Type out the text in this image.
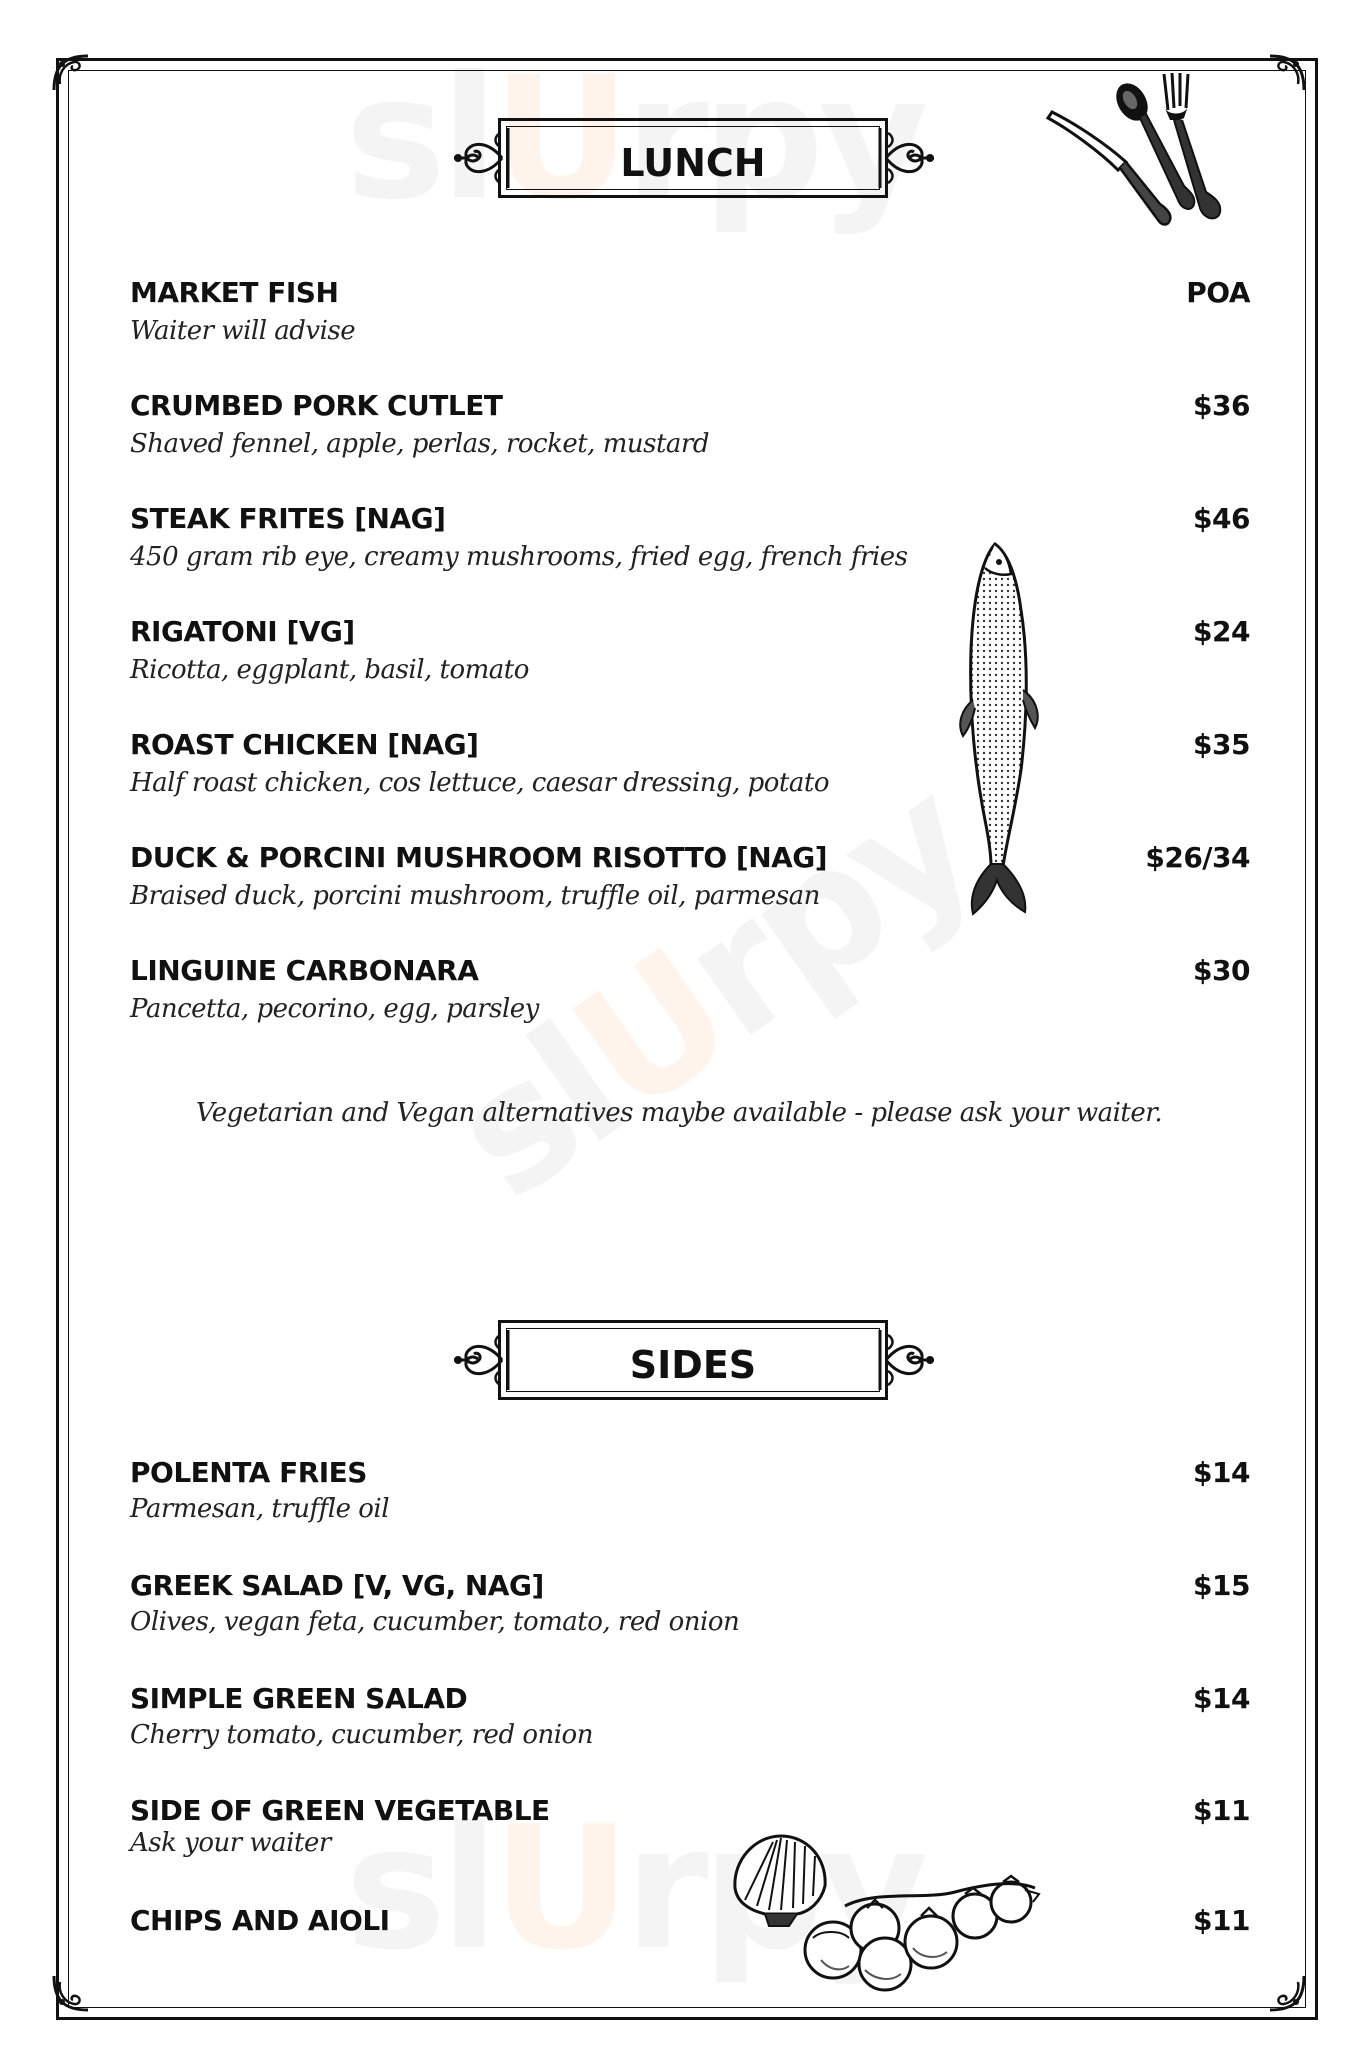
U
U
U
LUNCH
MARKET FISH	POA
Waiter will advise
CRUMBED PORK CUTLET	$36
Shaved fennel, apple, perlas, rocket, mustard
STEAK FRITES [NAG]	$46
450 gram rib eye, creamy mushrooms, fried egg, french fries
RIGATONI [VG]	$24
Ricotta, eggplant, basil, tomato
ROAST CHICKEN [NAG]	$35
Half roast chicken, cos lettuce, caesar dressing, potato
DUCK & PORCINI MUSHROOM RISOTTO [NAG]	$26/34
Braised duck, porcini mushroom, truffle oil, parmesan
LINGUINE CARBONARA	$30
Pancetta, pecorino, egg, parsley
Vegetarian and Vegan alternatives maybe available - please ask your waiter.
SIDES
POLENTA FRIES	$14
Parmesan, truffle oil
GREEK SALAD [V, VG, NAG]	$15
Olives, vegan feta, cucumber, tomato, red onion
SIMPLE GREEN SALAD	$14
Cherry tomato, cucumber, red onion
SIDE OF GREEN VEGETABLE	$11
Ask your waiter
CHIPS AND AIOLI	$11
